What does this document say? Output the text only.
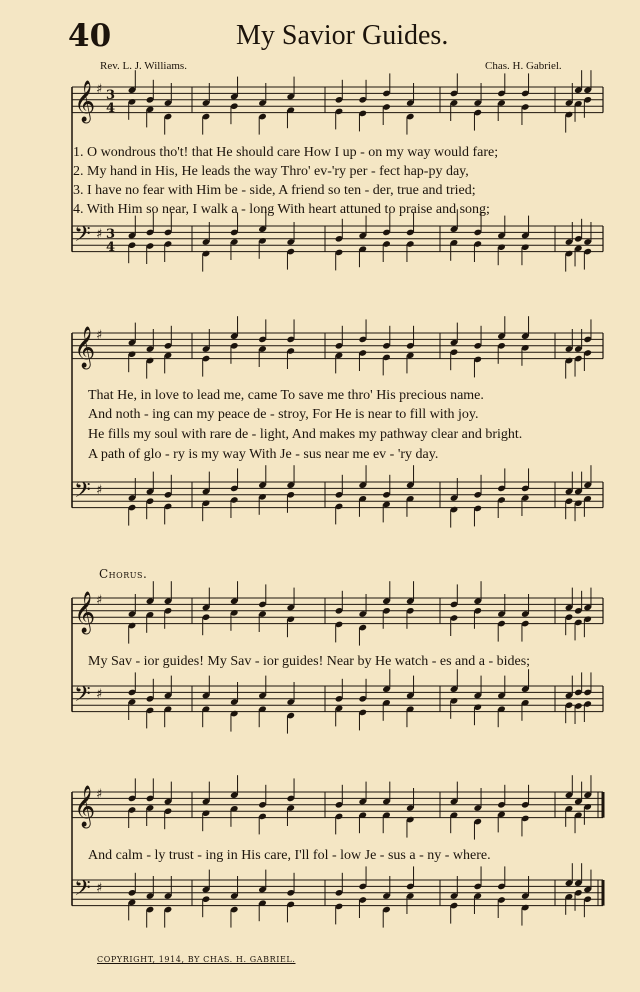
40	My Savior Guides.
Rev. L. J. Williams.	Chas. H. Gabriel.
𝄞 ♯ 3
4
𝄢 ♯ 3
4
𝄞 ♯
𝄢 ♯
𝄞 ♯
𝄢 ♯
𝄞 ♯
𝄢 ♯
1. O wondrous tho't! that He should care How I up - on my way would fare;
2. My hand in His, He leads the way Thro' ev-'ry per - fect hap-py day,
3. I have no fear with Him be - side, A friend so ten - der, true and tried;
4. With Him so near, I walk a - long With heart attuned to praise and song;
That He, in love to lead me, came To save me thro' His precious name.
And noth - ing can my peace de - stroy, For He is near to fill with joy.
He fills my soul with rare de - light, And makes my pathway clear and bright.
A path of glo - ry is my way With Je - sus near me ev - 'ry day.
Chorus.
My Sav - ior guides! My Sav - ior guides! Near by He watch - es and a - bides;
And calm - ly trust - ing in His care, I'll fol - low Je - sus a - ny - where.
COPYRIGHT, 1914, BY CHAS. H. GABRIEL.
